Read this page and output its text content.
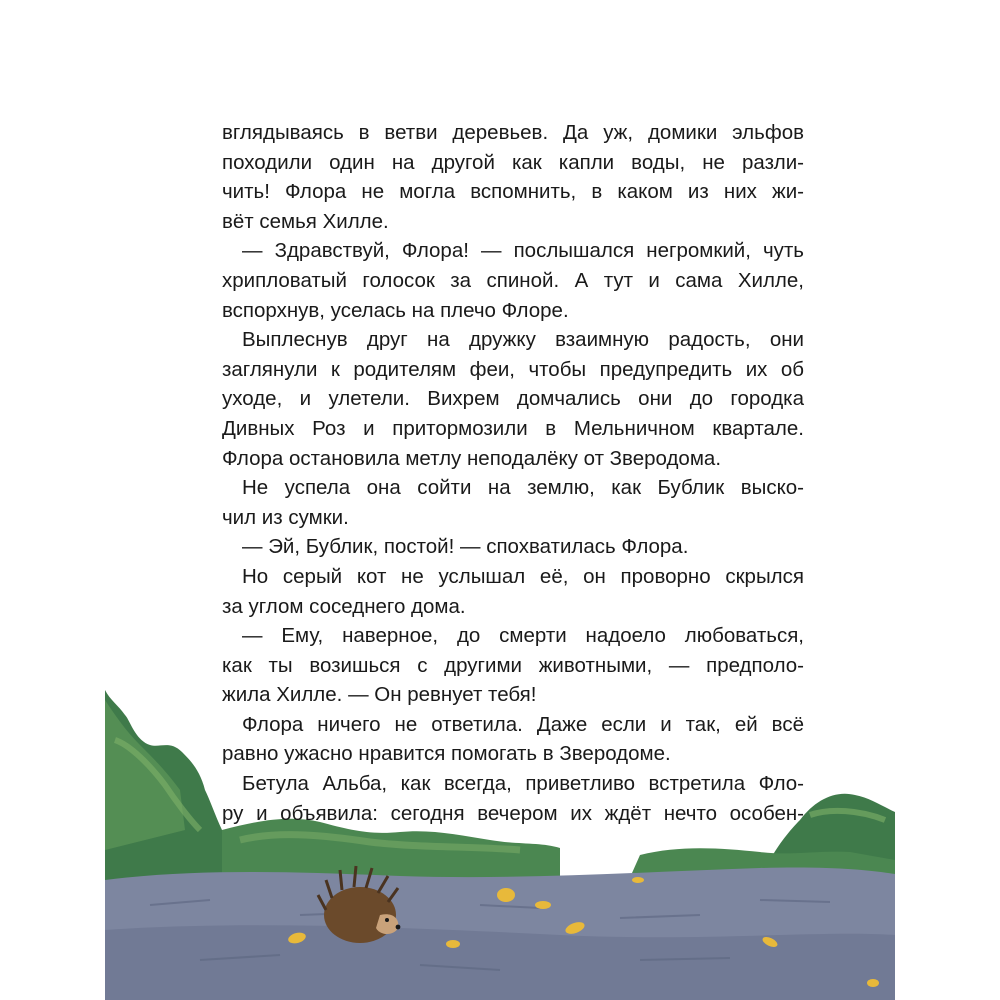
вглядываясь в ветви деревьев. Да уж, домики эльфов
походили один на другой как капли воды, не разли-
чить! Флора не могла вспомнить, в каком из них жи-
вёт семья Хилле.
— Здравствуй, Флора! — послышался негромкий, чуть
хрипловатый голосок за спиной. А тут и сама Хилле,
вспорхнув, уселась на плечо Флоре.
Выплеснув друг на дружку взаимную радость, они
заглянули к родителям феи, чтобы предупредить их об
уходе, и улетели. Вихрем домчались они до городка
Дивных Роз и притормозили в Мельничном квартале.
Флора остановила метлу неподалёку от Зверодома.
Не успела она сойти на землю, как Бублик выско-
чил из сумки.
— Эй, Бублик, постой! — спохватилась Флора.
Но серый кот не услышал её, он проворно скрылся
за углом соседнего дома.
— Ему, наверное, до смерти надоело любоваться,
как ты возишься с другими животными, — предполо-
жила Хилле. — Он ревнует тебя!
Флора ничего не ответила. Даже если и так, ей всё
равно ужасно нравится помогать в Зверодоме.
Бетула Альба, как всегда, приветливо встретила Фло-
ру и объявила: сегодня вечером их ждёт нечто особен-
